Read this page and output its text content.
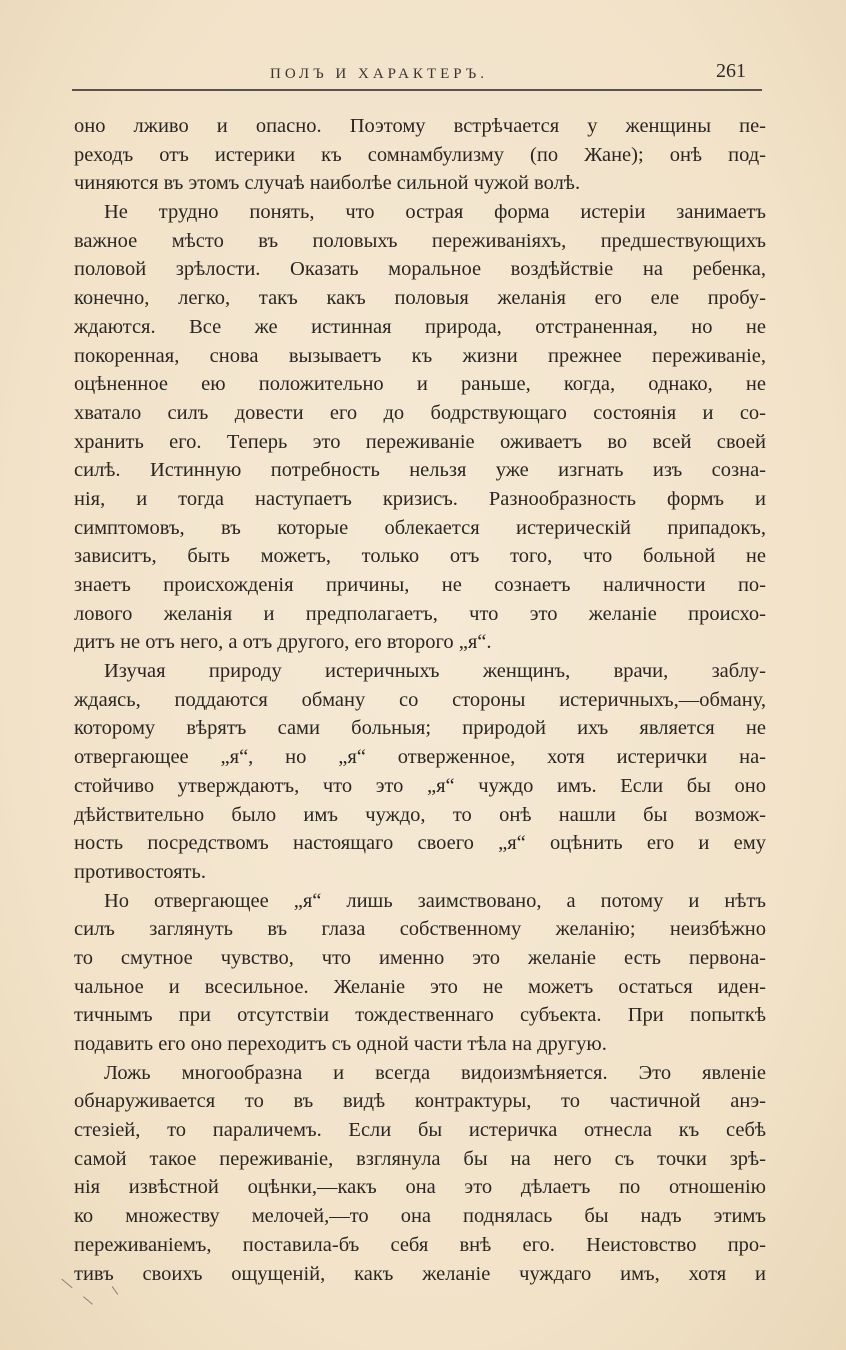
ПОЛЪ И ХАРАКТЕРЪ.	261
оно лживо и опасно. Поэтому встрѣчается у женщины пе-
реходъ отъ истерики къ сомнамбулизму (по Жане); онѣ под-
чиняются въ этомъ случаѣ наиболѣе сильной чужой волѣ.
Не трудно понять, что острая форма истеріи занимаетъ
важное мѣсто въ половыхъ переживаніяхъ, предшествующихъ
половой зрѣлости. Оказать моральное воздѣйствіе на ребенка,
конечно, легко, такъ какъ половыя желанія его еле пробу-
ждаются. Все же истинная природа, отстраненная, но не
покоренная, снова вызываетъ къ жизни прежнее переживаніе,
оцѣненное ею положительно и раньше, когда, однако, не
хватало силъ довести его до бодрствующаго состоянія и со-
хранить его. Теперь это переживаніе оживаетъ во всей своей
силѣ. Истинную потребность нельзя уже изгнать изъ созна-
нія, и тогда наступаетъ кризисъ. Разнообразность формъ и
симптомовъ, въ которые облекается истерическій припадокъ,
зависитъ, быть можетъ, только отъ того, что больной не
знаетъ происхожденія причины, не сознаетъ наличности по-
лового желанія и предполагаетъ, что это желаніе происхо-
дитъ не отъ него, а отъ другого, его второго „я“.
Изучая природу истеричныхъ женщинъ, врачи, заблу-
ждаясь, поддаются обману со стороны истеричныхъ,—обману,
которому вѣрятъ сами больныя; природой ихъ является не
отвергающее „я“, но „я“ отверженное, хотя истерички на-
стойчиво утверждаютъ, что это „я“ чуждо имъ. Если бы оно
дѣйствительно было имъ чуждо, то онѣ нашли бы возмож-
ность посредствомъ настоящаго своего „я“ оцѣнить его и ему
противостоять.
Но отвергающее „я“ лишь заимствовано, а потому и нѣтъ
силъ заглянуть въ глаза собственному желанію; неизбѣжно
то смутное чувство, что именно это желаніе есть первона-
чальное и всесильное. Желаніе это не можетъ остаться иден-
тичнымъ при отсутствіи тождественнаго субъекта. При попыткѣ
подавить его оно переходитъ съ одной части тѣла на другую.
Ложь многообразна и всегда видоизмѣняется. Это явленіе
обнаруживается то въ видѣ контрактуры, то частичной анэ-
стезіей, то параличемъ. Если бы истеричка отнесла къ себѣ
самой такое переживаніе, взглянула бы на него съ точки зрѣ-
нія извѣстной оцѣнки,—какъ она это дѣлаетъ по отношенію
ко множеству мелочей,—то она поднялась бы надъ этимъ
переживаніемъ, поставила-бъ себя внѣ его. Неистовство про-
тивъ своихъ ощущеній, какъ желаніе чуждаго имъ, хотя и
